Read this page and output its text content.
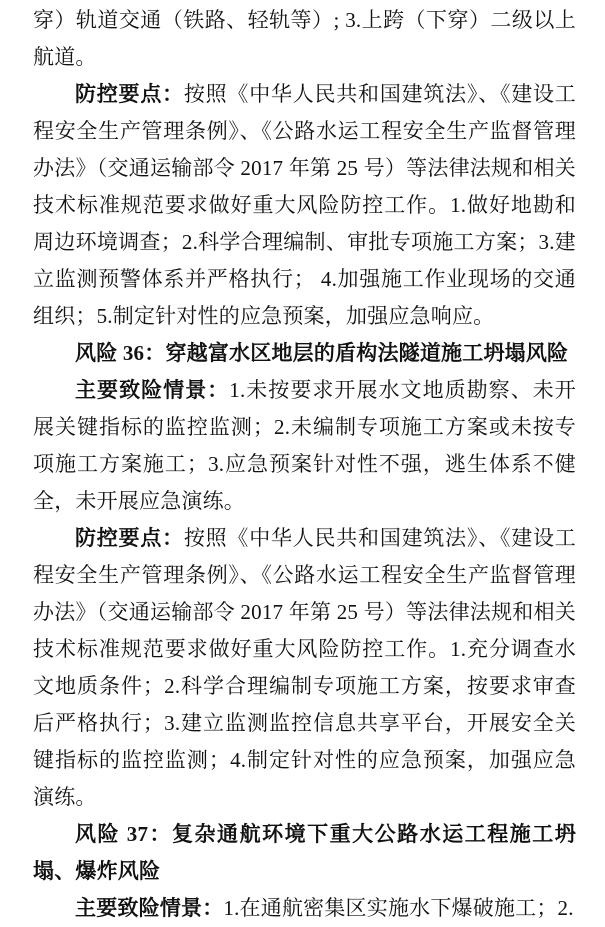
穿）轨道交通（铁路、轻轨等）; 3.上跨（下穿）二级以上航道。

防控要点：按照《中华人民共和国建筑法》、《建设工程安全生产管理条例》、《公路水运工程安全生产监督管理办法》（交通运输部令 2017 年第 25 号）等法律法规和相关技术标准规范要求做好重大风险防控工作。1.做好地勘和周边环境调查；2.科学合理编制、审批专项施工方案；3.建立监测预警体系并严格执行； 4.加强施工作业现场的交通组织；5.制定针对性的应急预案，加强应急响应。

风险 36：穿越富水区地层的盾构法隧道施工坍塌风险

主要致险情景：1.未按要求开展水文地质勘察、未开展关键指标的监控监测；2.未编制专项施工方案或未按专项施工方案施工；3.应急预案针对性不强，逃生体系不健全，未开展应急演练。

防控要点：按照《中华人民共和国建筑法》、《建设工程安全生产管理条例》、《公路水运工程安全生产监督管理办法》（交通运输部令 2017 年第 25 号）等法律法规和相关技术标准规范要求做好重大风险防控工作。1.充分调查水文地质条件；2.科学合理编制专项施工方案，按要求审查后严格执行；3.建立监测监控信息共享平台，开展安全关键指标的监控监测；4.制定针对性的应急预案，加强应急演练。

风险 37：复杂通航环境下重大公路水运工程施工坍塌、爆炸风险

主要致险情景：1.在通航密集区实施水下爆破施工；2.
